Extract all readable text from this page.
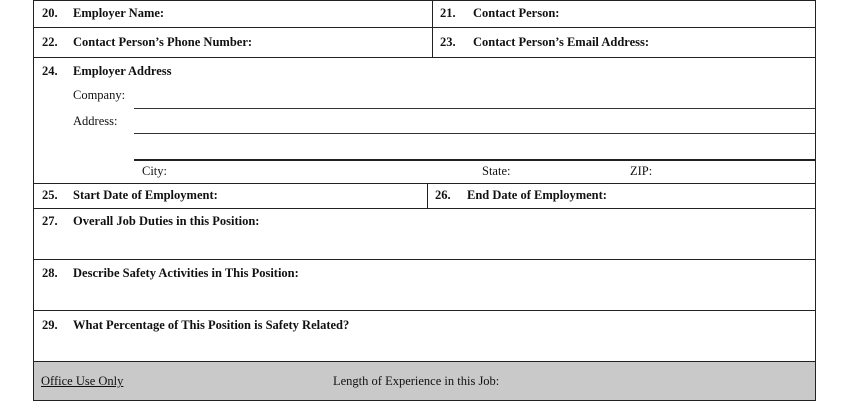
20. Employer Name:	21. Contact Person:
22. Contact Person’s Phone Number:	23. Contact Person’s Email Address:
24. Employer Address
Company:
Address:
City:	State:	ZIP:
25. Start Date of Employment:	26. End Date of Employment:
27. Overall Job Duties in this Position:
28. Describe Safety Activities in This Position:
29. What Percentage of This Position is Safety Related?
Office Use Only	Length of Experience in this Job:
